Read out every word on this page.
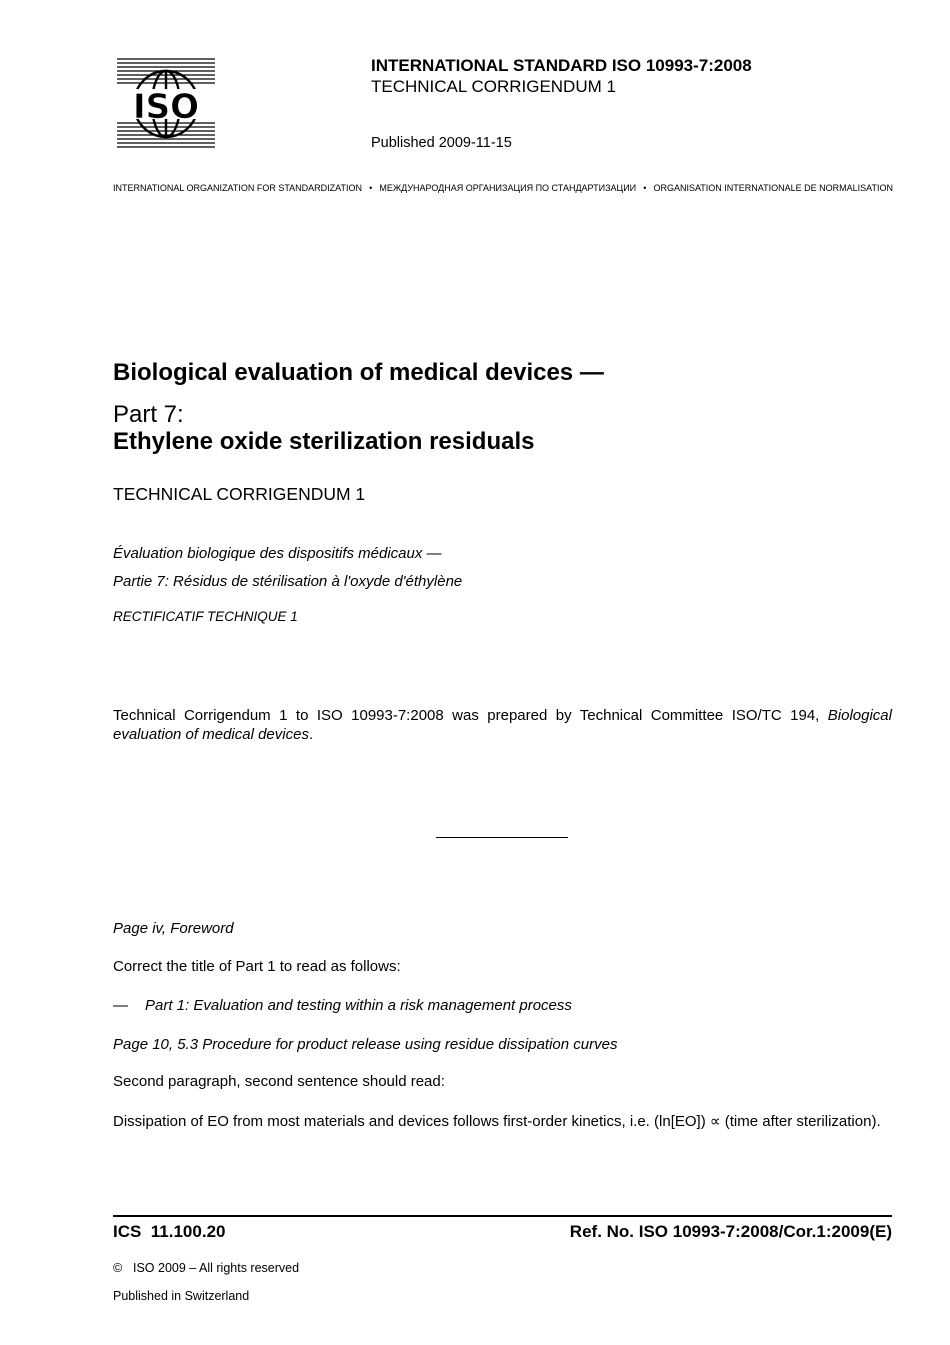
ISO
INTERNATIONAL STANDARD ISO 10993-7:2008
TECHNICAL CORRIGENDUM 1
Published 2009-11-15
INTERNATIONAL ORGANIZATION FOR STANDARDIZATION • МЕЖДУНАРОДНАЯ ОРГАНИЗАЦИЯ ПО СТАНДАРТИЗАЦИИ • ORGANISATION INTERNATIONALE DE NORMALISATION
Biological evaluation of medical devices —
Part 7:
Ethylene oxide sterilization residuals
TECHNICAL CORRIGENDUM 1
Évaluation biologique des dispositifs médicaux —
Partie 7: Résidus de stérilisation à l'oxyde d'éthylène
RECTIFICATIF TECHNIQUE 1
Technical Corrigendum 1 to ISO 10993-7:2008 was prepared by Technical Committee ISO/TC 194, Biological evaluation of medical devices.
Page iv, Foreword
Correct the title of Part 1 to read as follows:
— Part 1: Evaluation and testing within a risk management process
Page 10, 5.3 Procedure for product release using residue dissipation curves
Second paragraph, second sentence should read:
Dissipation of EO from most materials and devices follows first-order kinetics, i.e. (ln[EO]) ∝ (time after sterilization).
ICS  11.100.20	Ref. No. ISO 10993-7:2008/Cor.1:2009(E)
© ISO 2009 – All rights reserved
Published in Switzerland
